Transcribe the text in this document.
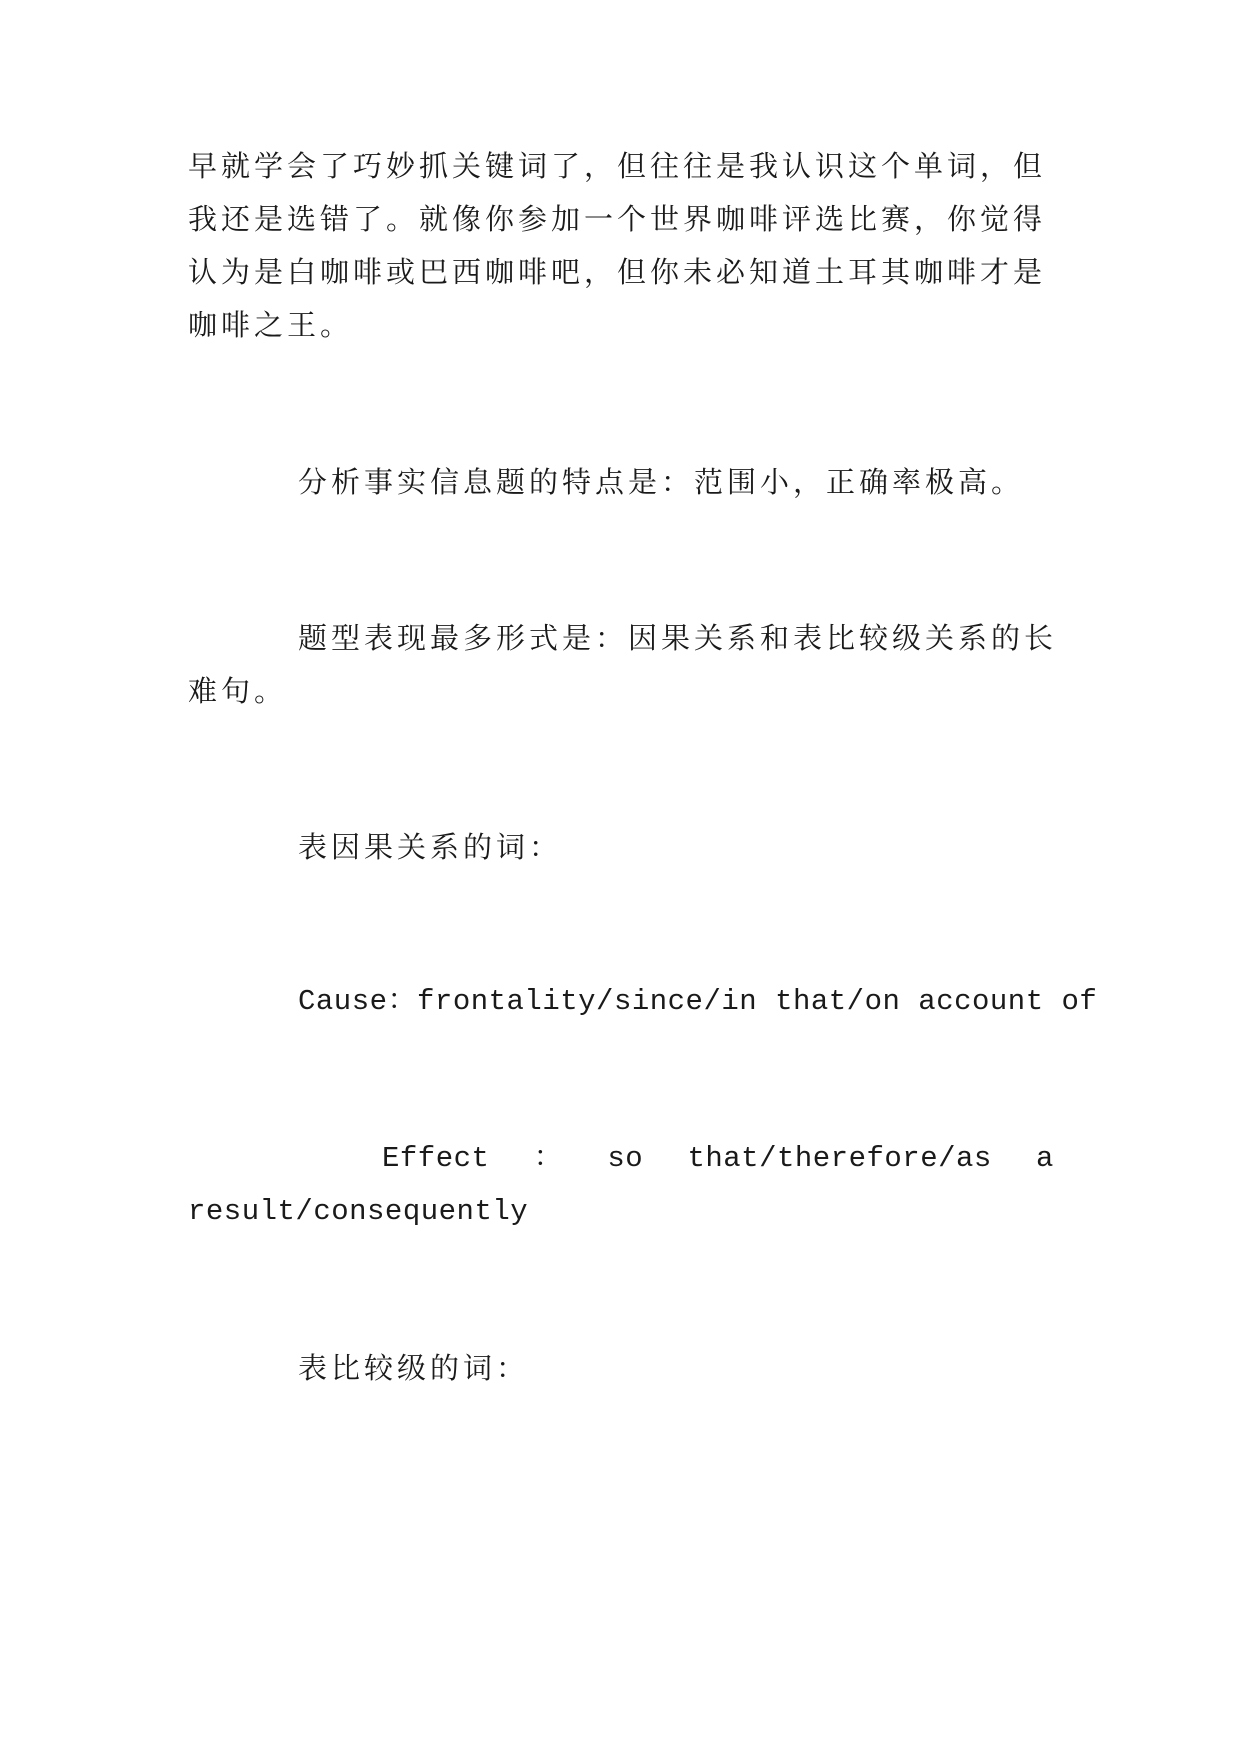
早就学会了巧妙抓关键词了，但往往是我认识这个单词，但
我还是选错了。就像你参加一个世界咖啡评选比赛，你觉得
认为是白咖啡或巴西咖啡吧，但你未必知道土耳其咖啡才是
咖啡之王。
分析事实信息题的特点是：范围小，正确率极高。
题型表现最多形式是：因果关系和表比较级关系的长
难句。
表因果关系的词：
Cause：frontality/since/in that/on account of
Effect ： so that/therefore/as a
result/consequently
表比较级的词：
